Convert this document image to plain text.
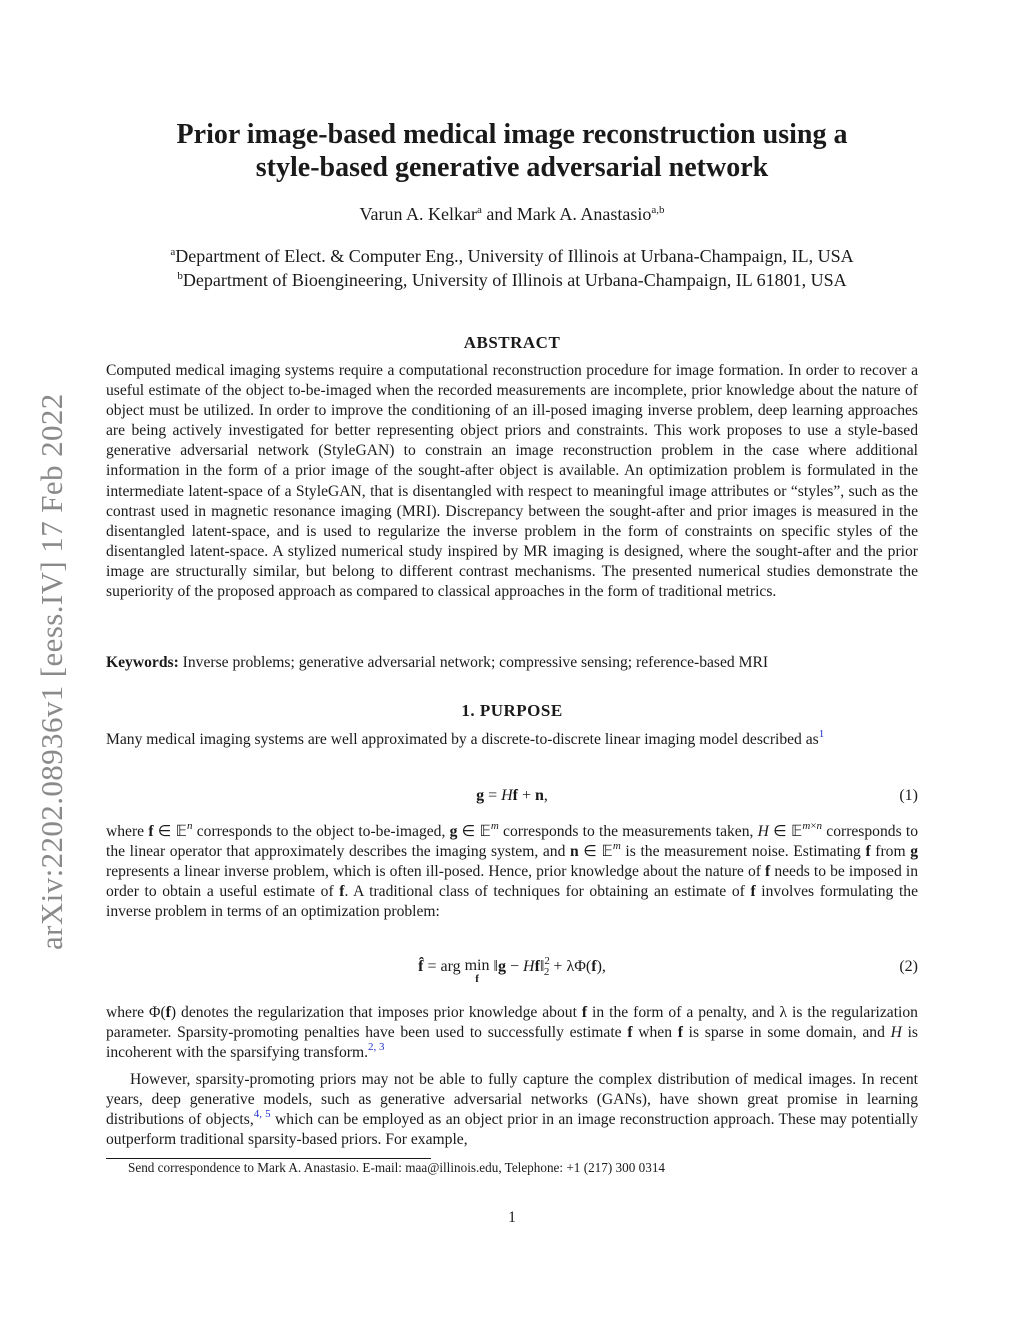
arXiv:2202.08936v1 [eess.IV] 17 Feb 2022
Prior image-based medical image reconstruction using a
style-based generative adversarial network
Varun A. Kelkar$^a$ and Mark A. Anastasio$^{a,b}$
$^a$Department of Elect. & Computer Eng., University of Illinois at Urbana-Champaign, IL, USA
$^b$Department of Bioengineering, University of Illinois at Urbana-Champaign, IL 61801, USA
ABSTRACT
Computed medical imaging systems require a computational reconstruction procedure for image formation. In order to recover a useful estimate of the object to-be-imaged when the recorded measurements are incomplete, prior knowledge about the nature of object must be utilized. In order to improve the conditioning of an ill-posed imaging inverse problem, deep learning approaches are being actively investigated for better representing object priors and constraints. This work proposes to use a style-based generative adversarial network (StyleGAN) to constrain an image reconstruction problem in the case where additional information in the form of a prior image of the sought-after object is available. An optimization problem is formulated in the intermediate latent-space of a StyleGAN, that is disentangled with respect to meaningful image attributes or “styles”, such as the contrast used in magnetic resonance imaging (MRI). Discrepancy between the sought-after and prior images is measured in the disentangled latent-space, and is used to regularize the inverse problem in the form of constraints on specific styles of the disentangled latent-space. A stylized numerical study inspired by MR imaging is designed, where the sought-after and the prior image are structurally similar, but belong to different contrast mechanisms. The presented numerical studies demonstrate the superiority of the proposed approach as compared to classical approaches in the form of traditional metrics.
Keywords: Inverse problems; generative adversarial network; compressive sensing; reference-based MRI
1. PURPOSE
Many medical imaging systems are well approximated by a discrete-to-discrete linear imaging model described as$^1$
g = Hf + n,	(1)
where f ∈ 𝔼$^n$ corresponds to the object to-be-imaged, g ∈ 𝔼$^m$ corresponds to the measurements taken, H ∈ 𝔼$^{m\times n}$ corresponds to the linear operator that approximately describes the imaging system, and n ∈ 𝔼$^m$ is the measurement noise. Estimating f from g represents a linear inverse problem, which is often ill-posed. Hence, prior knowledge about the nature of f needs to be imposed in order to obtain a useful estimate of f. A traditional class of techniques for obtaining an estimate of f involves formulating the inverse problem in terms of an optimization problem:
f̂ = arg min
f
‖g − Hf‖$^2_2$ + λΦ(f),	(2)
where Φ(f) denotes the regularization that imposes prior knowledge about f in the form of a penalty, and λ is the regularization parameter. Sparsity-promoting penalties have been used to successfully estimate f when f is sparse in some domain, and H is incoherent with the sparsifying transform.$^{2, 3}$
However, sparsity-promoting priors may not be able to fully capture the complex distribution of medical images. In recent years, deep generative models, such as generative adversarial networks (GANs), have shown great promise in learning distributions of objects,$^{4, 5}$ which can be employed as an object prior in an image reconstruction approach. These may potentially outperform traditional sparsity-based priors. For example,
Send correspondence to Mark A. Anastasio. E-mail: maa@illinois.edu, Telephone: +1 (217) 300 0314
1
